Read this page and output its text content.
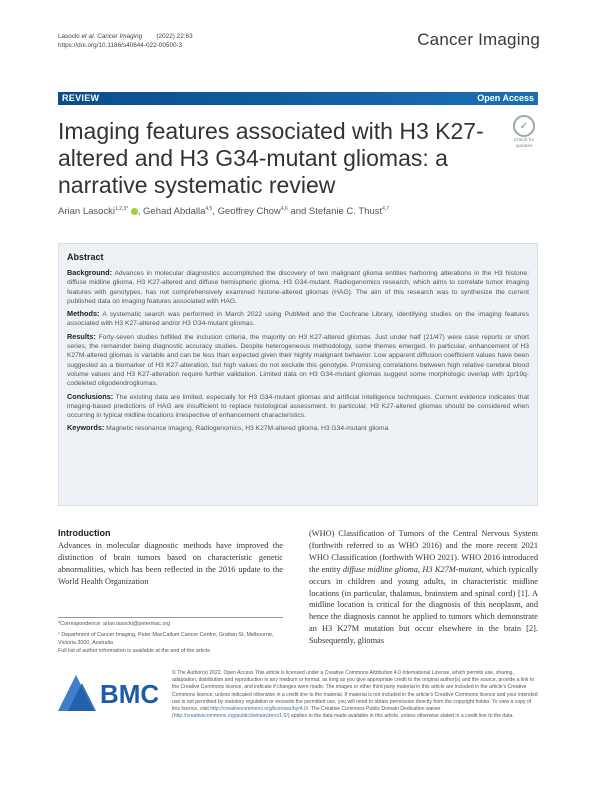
Lasocki et al. Cancer Imaging (2022) 22:63
https://doi.org/10.1186/s40644-022-00500-3	Cancer Imaging
REVIEW	Open Access
Imaging features associated with H3 K27-altered and H3 G34-mutant gliomas: a narrative systematic review
✓
Check for
updates
Arian Lasocki$^{1,2,3*}$ , Gehad Abdalla$^{4,5}$, Geoffrey Chow$^{4,6}$ and Stefanie C. Thust$^{4,7}$
Abstract

Background: Advances in molecular diagnostics accomplished the discovery of two malignant glioma entities harboring alterations in the H3 histone: diffuse midline glioma, H3 K27-altered and diffuse hemispheric glioma, H3 G34-mutant. Radiogenomics research, which aims to correlate tumor imaging features with genotypes, has not comprehensively examined histone-altered gliomas (HAG). The aim of this research was to synthesize the current published data on imaging features associated with HAG.

Methods: A systematic search was performed in March 2022 using PubMed and the Cochrane Library, identifying studies on the imaging features associated with H3 K27-altered and/or H3 G34-mutant gliomas.

Results: Forty-seven studies fulfilled the inclusion criteria, the majority on H3 K27-altered gliomas. Just under half (21/47) were case reports or short series, the remainder being diagnostic accuracy studies. Despite heterogeneous methodology, some themes emerged. In particular, enhancement of H3 K27M-altered gliomas is variable and can be less than expected given their highly malignant behavior. Low apparent diffusion coefficient values have been suggested as a biomarker of H3 K27-alteration, but high values do not exclude this genotype. Promising correlations between high relative cerebral blood volume values and H3 K27-alteration require further validation. Limited data on H3 G34-mutant gliomas suggest some morphologic overlap with 1p/19q-codeleted oligodendrogliomas.

Conclusions: The existing data are limited, especially for H3 G34-mutant gliomas and artificial intelligence techniques. Current evidence indicates that imaging-based predictions of HAG are insufficient to replace histological assessment. In particular, H3 K27-altered gliomas should be considered when occurring in typical midline locations irrespective of enhancement characteristics.

Keywords: Magnetic resonance imaging, Radiogenomics, H3 K27M-altered glioma, H3 G34-mutant glioma

Introduction

Advances in molecular diagnostic methods have improved the distinction of brain tumors based on characteristic genetic abnormalities, which has been reflected in the 2016 update to the World Health Organization

(WHO) Classification of Tumors of the Central Nervous System (forthwith referred to as WHO 2016) and the more recent 2021 WHO Classification (forthwith WHO 2021). WHO 2016 introduced the entity diffuse midline glioma, H3 K27M-mutant, which typically occurs in children and young adults, in characteristic midline locations (in particular, thalamus, brainstem and spinal cord) [1]. A midline location is critical for the diagnosis of this neoplasm, and hence the diagnosis cannot be applied to tumors which demonstrate an H3 K27M mutation but occur elsewhere in the brain [2]. Subsequently, gliomas

*Correspondence: arian.lasocki@petermac.org

¹ Department of Cancer Imaging, Peter MacCallum Cancer Centre, Grattan St, Melbourne, Victoria 3000, Australia

Full list of author information is available at the end of the article

BMC
© The Author(s) 2022. Open Access This article is licensed under a Creative Commons Attribution 4.0 International License, which permits use, sharing, adaptation, distribution and reproduction in any medium or format, as long as you give appropriate credit to the original author(s) and the source, provide a link to the Creative Commons licence, and indicate if changes were made. The images or other third party material in this article are included in the article's Creative Commons licence, unless indicated otherwise in a credit line to the material. If material is not included in the article's Creative Commons licence and your intended use is not permitted by statutory regulation or exceeds the permitted use, you will need to obtain permission directly from the copyright holder. To view a copy of this licence, visit http://creativecommons.org/licenses/by/4.0/. The Creative Commons Public Domain Dedication waiver (http://creativecommons.org/publicdomain/zero/1.0/) applies to the data made available in this article, unless otherwise stated in a credit line to the data.
